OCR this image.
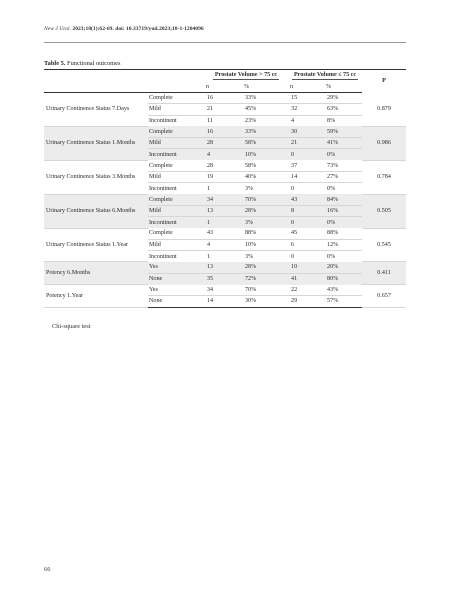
New J Urol. 2023;18(1):62-69. doi: 10.33719/yud.2023;18-1-1204096
Table 5. Functional outcomes
		Prostate Volume > 75 cc		Prostate Volume ≤ 75 cc		P
		n	%	n	%	
Urinary Continence Status 7.Days	Complete	16	33%	15	29%	0.879
	Mild	21	45%	32	63%	
	Incontinent	11	23%	4	8%	
Urinary Continence Status 1.Months	Complete	16	33%	30	59%	0.986
	Mild	28	58%	21	41%	
	Incontinent	4	10%	0	0%	
Urinary Continence Status 3.Months	Complete	28	58%	37	73%	0.784
	Mild	19	40%	14	27%	
	Incontinent	1	3%	0	0%	
Urinary Continence Status 6.Months	Complete	34	70%	43	84%	0.505
	Mild	13	28%	8	16%	
	Incontinent	1	3%	0	0%	
Urinary Continence Status 1.Year	Complete	43	88%	45	88%	0.545
	Mild	4	10%	6	12%	
	Incontinent	1	3%	0	0%	
Potency 6.Months	Yes	13	28%	10	20%	0.411
	None	35	72%	41	80%	
Potency 1.Year	Yes	34	70%	22	43%	0.657
	None	14	30%	29	57%	
Chi-square test
66
